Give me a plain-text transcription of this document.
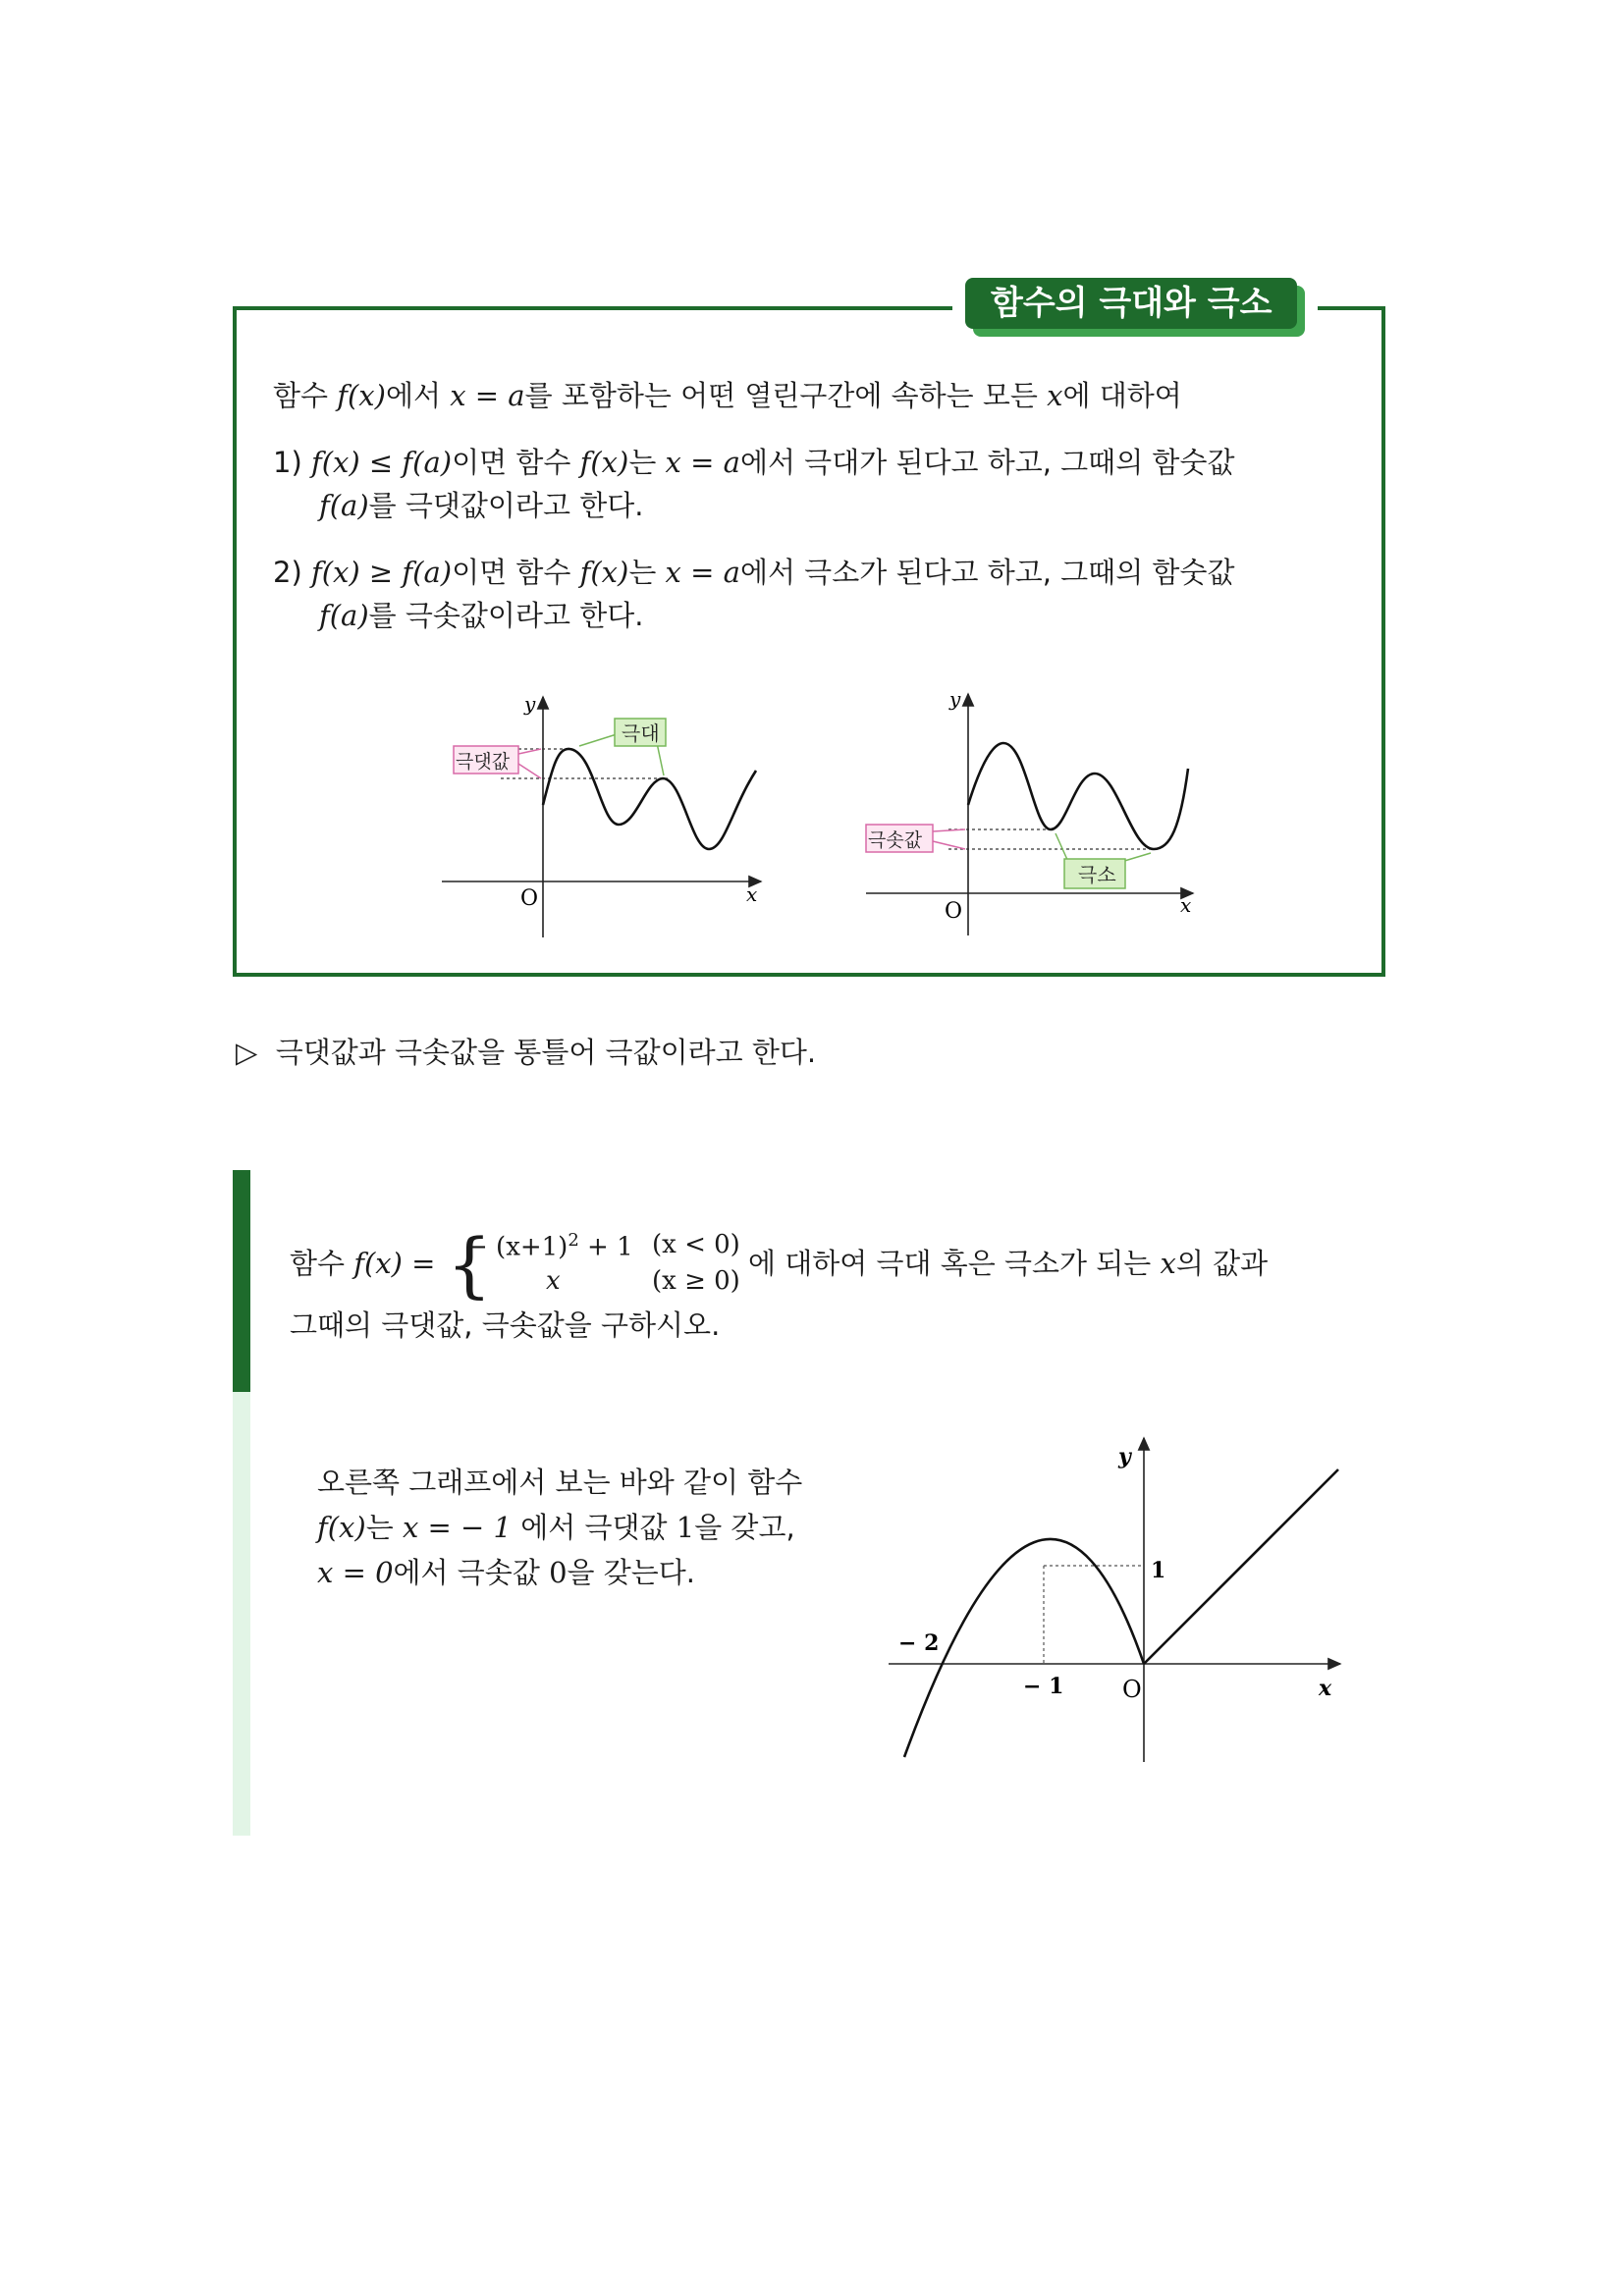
함수의 극대와 극소
함수 f(x)에서 x = a를 포함하는 어떤 열린구간에 속하는 모든 x에 대하여
1) f(x) ≤ f(a)이면 함수 f(x)는 x = a에서 극대가 된다고 하고, 그때의 함숫값
f(a)를 극댓값이라고 한다.
2) f(x) ≥ f(a)이면 함수 f(x)는 x = a에서 극소가 된다고 하고, 그때의 함숫값
f(a)를 극솟값이라고 한다.
y
x
O
극대
극댓값
y
x
O
극소
극솟값
▷ 극댓값과 극솟값을 통틀어 극값이라고 한다.
함수 f(x) = {
− $(x+1)^2 + 1$ (x < 0)
x	(x ≥ 0)
에 대하여 극대 혹은 극소가 되는 x의 값과
그때의 극댓값, 극솟값을 구하시오.
오른쪽 그래프에서 보는 바와 같이 함수
f(x)는 x = − 1 에서 극댓값 1을 갖고,
x = 0에서 극솟값 0을 갖는다.
y
x
O
1
− 1
− 2
